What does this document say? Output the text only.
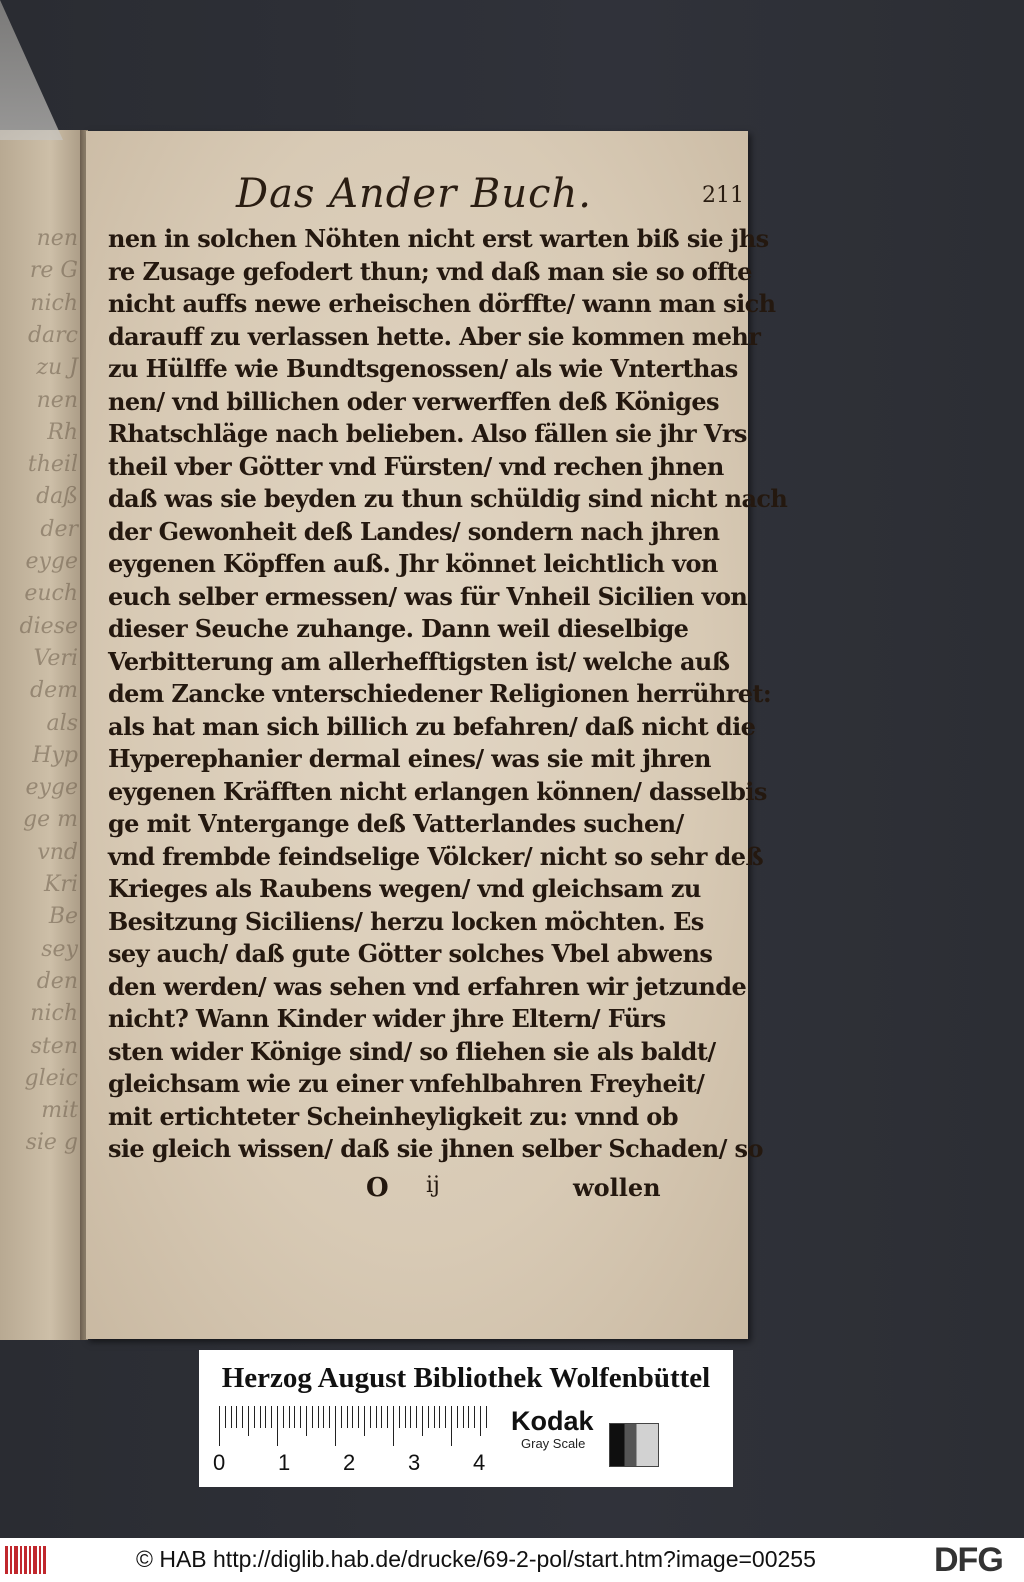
nen
re G
nich
darc
zu J
nen
Rh
theil
daß
der
eyge
euch
diese
Veri
dem
als
Hyp
eyge
ge m
vnd
Kri
Be
sey
den
nich
sten
gleic
mit
sie g
Das Ander Buch.	211
nen in solchen Nöhten nicht erst warten biß sie jhs
re Zusage gefodert thun; vnd daß man sie so offte
nicht auffs newe erheischen dörffte/ wann man sich
darauff zu verlassen hette. Aber sie kommen mehr
zu Hülffe wie Bundtsgenossen/ als wie Vnterthas
nen/ vnd billichen oder verwerffen deß Königes
Rhatschläge nach belieben. Also fällen sie jhr Vrs
theil vber Götter vnd Fürsten/ vnd rechen jhnen
daß was sie beyden zu thun schüldig sind nicht nach
der Gewonheit deß Landes/ sondern nach jhren
eygenen Köpffen auß. Jhr könnet leichtlich von
euch selber ermessen/ was für Vnheil Sicilien von
dieser Seuche zuhange. Dann weil dieselbige
Verbitterung am allerhefftigsten ist/ welche auß
dem Zancke vnterschiedener Religionen herrühret:
als hat man sich billich zu befahren/ daß nicht die
Hyperephanier dermal eines/ was sie mit jhren
eygenen Kräfften nicht erlangen können/ dasselbis
ge mit Vntergange deß Vatterlandes suchen/
vnd frembde feindselige Völcker/ nicht so sehr deß
Krieges als Raubens wegen/ vnd gleichsam zu
Besitzung Siciliens/ herzu locken möchten. Es
sey auch/ daß gute Götter solches Vbel abwens
den werden/ was sehen vnd erfahren wir jetzunde
nicht? Wann Kinder wider jhre Eltern/ Fürs
sten wider Könige sind/ so fliehen sie als baldt/
gleichsam wie zu einer vnfehlbahren Freyheit/
mit ertichteter Scheinheyligkeit zu: vnnd ob
sie gleich wissen/ daß sie jhnen selber Schaden/ so
O ij	wollen
Herzog August Bibliothek Wolfenbüttel
0 1 2 3 4
Kodak
Gray Scale
© HAB http://diglib.hab.de/drucke/69-2-pol/start.htm?image=00255	DFG
